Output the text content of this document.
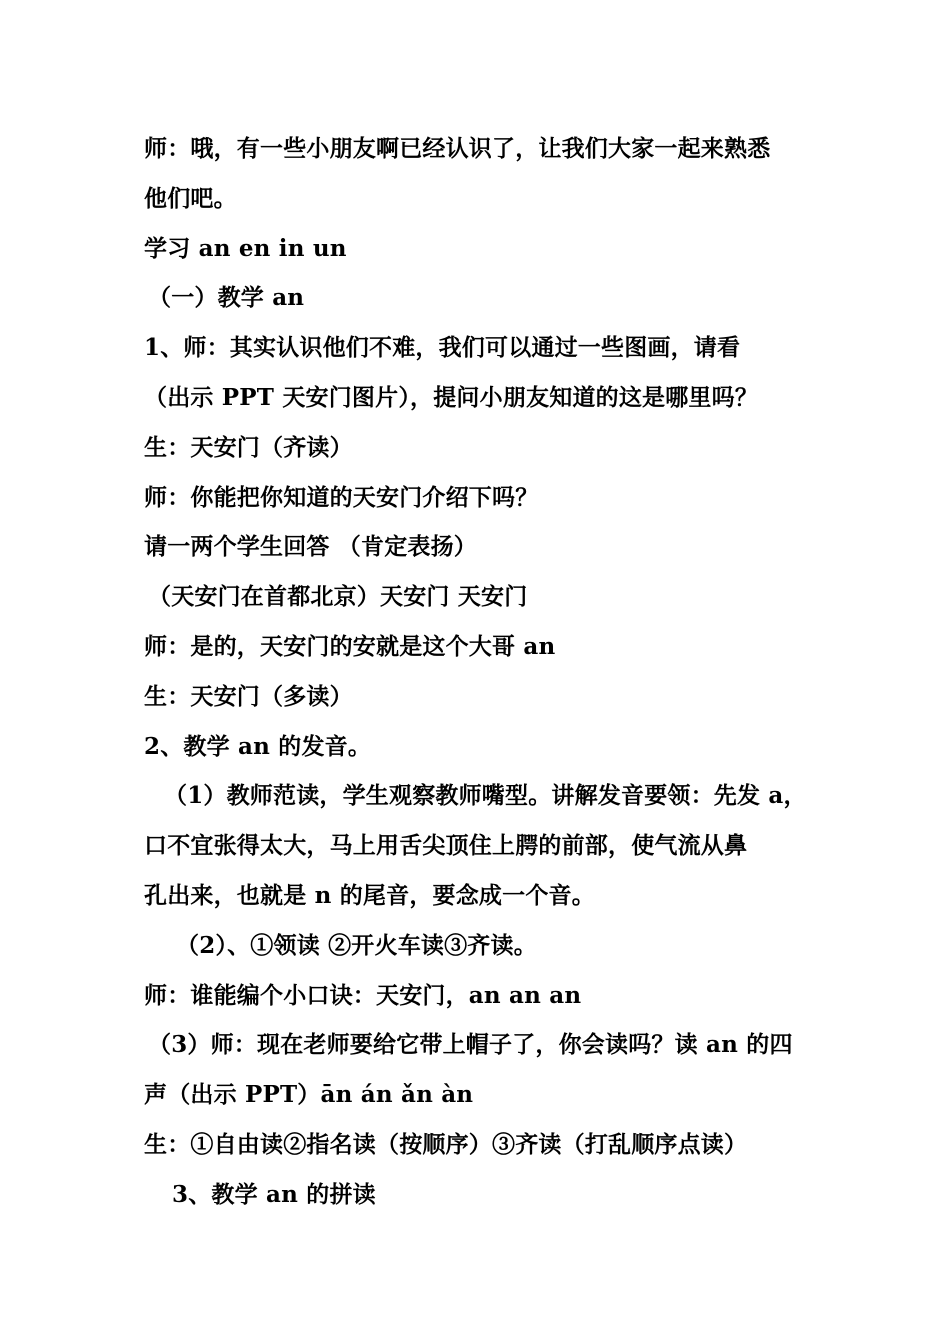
师：哦，有一些小朋友啊已经认识了，让我们大家一起来熟悉
他们吧。
学习 an en in un
（一）教学 an
1、师：其实认识他们不难，我们可以通过一些图画，请看
（出示 PPT 天安门图片），提问小朋友知道的这是哪里吗？
生：天安门（齐读）
师：你能把你知道的天安门介绍下吗？
请一两个学生回答 （肯定表扬）
（天安门在首都北京）天安门 天安门
师：是的，天安门的安就是这个大哥 an
生：天安门（多读）
2、教学 an 的发音。
（1）教师范读，学生观察教师嘴型。讲解发音要领：先发 a，
口不宜张得太大，马上用舌尖顶住上腭的前部，使气流从鼻
孔出来，也就是 n 的尾音，要念成一个音。
（2）、①领读 ②开火车读③齐读。
师：谁能编个小口诀：天安门，an an an
（3）师：现在老师要给它带上帽子了，你会读吗？读 an 的四
声（出示 PPT）ān án ǎn àn
生：①自由读②指名读（按顺序）③齐读（打乱顺序点读）
3、教学 an 的拼读
